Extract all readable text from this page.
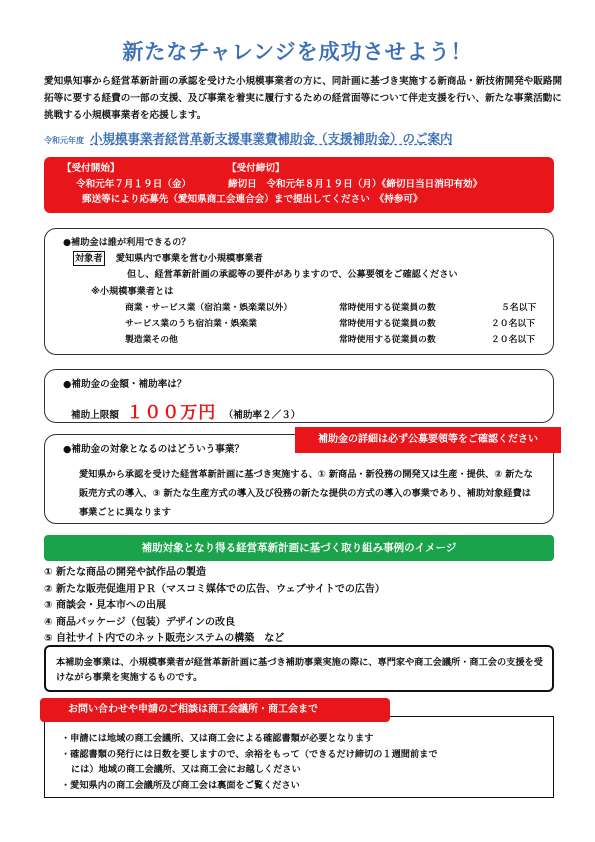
新たなチャレンジを成功させよう！
愛知県知事から経営革新計画の承認を受けた小規模事業者の方に、同計画に基づき実施する新商品・新技術開発や販路開拓等に要する経費の一部の支援、及び事業を着実に履行するための経営面等について伴走支援を行い、新たな事業活動に挑戦する小規模事業者を応援します。
令和元年度 小規模事業者経営革新支援事業費補助金（支援補助金）のご案内
【受付開始】	【受付締切】
令和元年７月１９日（金）	締切日　令和元年８月１９日（月）《締切日当日消印有効》
郵送等により応募先（愛知県商工会連合会）まで提出してください　《持参可》
●補助金は誰が利用できるの？
対象者 愛知県内で事業を営む小規模事業者
但し、経営革新計画の承認等の要件がありますので、公募要領をご確認ください
※小規模事業者とは
商業・サービス業（宿泊業・娯楽業以外）	常時使用する従業員の数	５名以下
サービス業のうち宿泊業・娯楽業	常時使用する従業員の数	２０名以下
製造業その他	常時使用する従業員の数	２０名以下
●補助金の金額・補助率は？
補助上限額 １００万円 （補助率２／３）
●補助金の対象となるのはどういう事業？
愛知県から承認を受けた経営革新計画に基づき実施する、① 新商品・新役務の開発又は生産・提供、② 新たな販売方式の導入、③ 新たな生産方式の導入及び役務の新たな提供の方式の導入の事業であり、補助対象経費は事業ごとに異なります
補助金の詳細は必ず公募要領等をご確認ください
補助対象となり得る経営革新計画に基づく取り組み事例のイメージ
① 新たな商品の開発や試作品の製造
② 新たな販売促進用ＰＲ（マスコミ媒体での広告、ウェブサイトでの広告）
③ 商談会・見本市への出展
④ 商品パッケージ（包装）デザインの改良
⑤ 自社サイト内でのネット販売システムの構築　など
本補助金事業は、小規模事業者が経営革新計画に基づき補助事業実施の際に、専門家や商工会議所・商工会の支援を受けながら事業を実施するものです。
・申請には地域の商工会議所、又は商工会による確認書類が必要となります
・確認書類の発行には日数を要しますので、余裕をもって（できるだけ締切の１週間前まで
には）地域の商工会議所、又は商工会にお越しください
・愛知県内の商工会議所及び商工会は裏面をご覧ください
お問い合わせや申請のご相談は商工会議所・商工会まで
